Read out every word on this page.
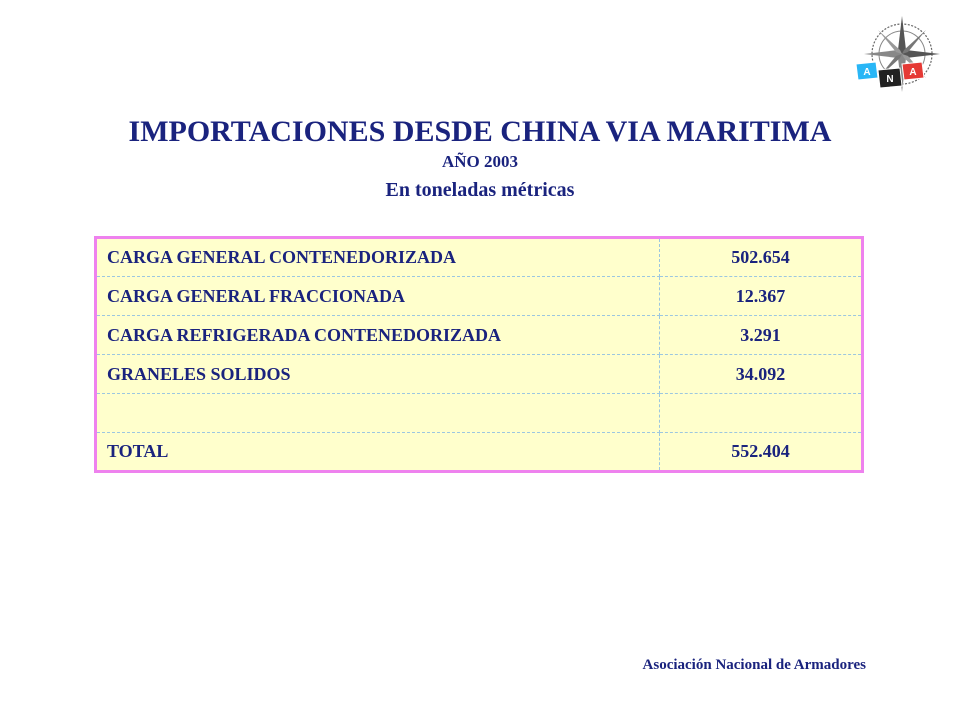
A
N
A
IMPORTACIONES DESDE CHINA VIA MARITIMA

AÑO 2003

En toneladas métricas

CARGA GENERAL CONTENEDORIZADA	502.654
CARGA GENERAL FRACCIONADA	12.367
CARGA REFRIGERADA CONTENEDORIZADA	3.291
GRANELES SOLIDOS	34.092

TOTAL	552.404

Asociación Nacional de Armadores
